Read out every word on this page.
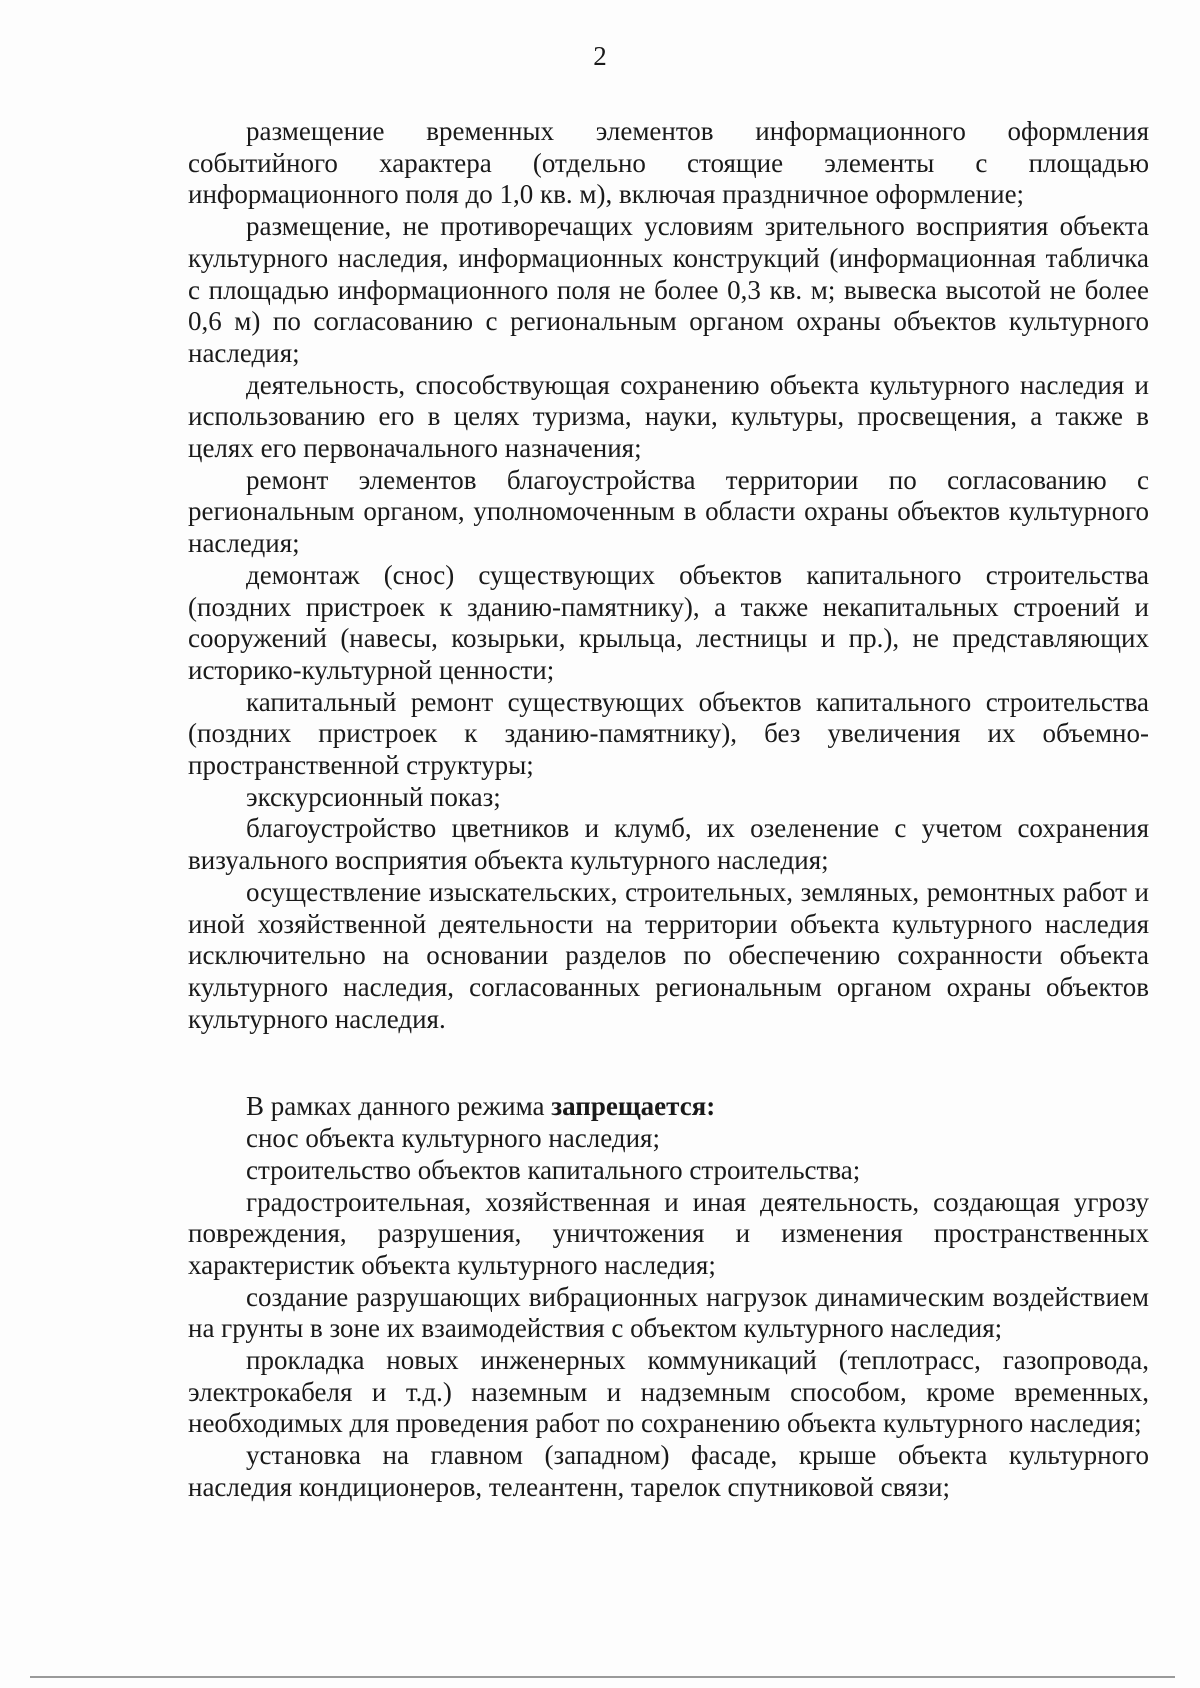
2

размещение временных элементов информационного оформления событийного характера (отдельно стоящие элементы с площадью информационного поля до 1,0 кв. м), включая праздничное оформление;

размещение, не противоречащих условиям зрительного восприятия объекта культурного наследия, информационных конструкций (информационная табличка с площадью информационного поля не более 0,3 кв. м; вывеска высотой не более 0,6 м) по согласованию с региональным органом охраны объектов культурного наследия;

деятельность, способствующая сохранению объекта культурного наследия и использованию его в целях туризма, науки, культуры, просвещения, а также в целях его первоначального назначения;

ремонт элементов благоустройства территории по согласованию с региональным органом, уполномоченным в области охраны объектов культурного наследия;

демонтаж (снос) существующих объектов капитального строительства (поздних пристроек к зданию-памятнику), а также некапитальных строений и сооружений (навесы, козырьки, крыльца, лестницы и пр.), не представляющих историко-культурной ценности;

капитальный ремонт существующих объектов капитального строительства (поздних пристроек к зданию-памятнику), без увеличения их объемно-пространственной структуры;

экскурсионный показ;

благоустройство цветников и клумб, их озеленение с учетом сохранения визуального восприятия объекта культурного наследия;

осуществление изыскательских, строительных, земляных, ремонтных работ и иной хозяйственной деятельности на территории объекта культурного наследия исключительно на основании разделов по обеспечению сохранности объекта культурного наследия, согласованных региональным органом охраны объектов культурного наследия.

В рамках данного режима запрещается:

снос объекта культурного наследия;

строительство объектов капитального строительства;

градостроительная, хозяйственная и иная деятельность, создающая угрозу повреждения, разрушения, уничтожения и изменения пространственных характеристик объекта культурного наследия;

создание разрушающих вибрационных нагрузок динамическим воздействием на грунты в зоне их взаимодействия с объектом культурного наследия;

прокладка новых инженерных коммуникаций (теплотрасс, газопровода, электрокабеля и т.д.) наземным и надземным способом, кроме временных, необходимых для проведения работ по сохранению объекта культурного наследия;

установка на главном (западном) фасаде, крыше объекта культурного наследия кондиционеров, телеантенн, тарелок спутниковой связи;
